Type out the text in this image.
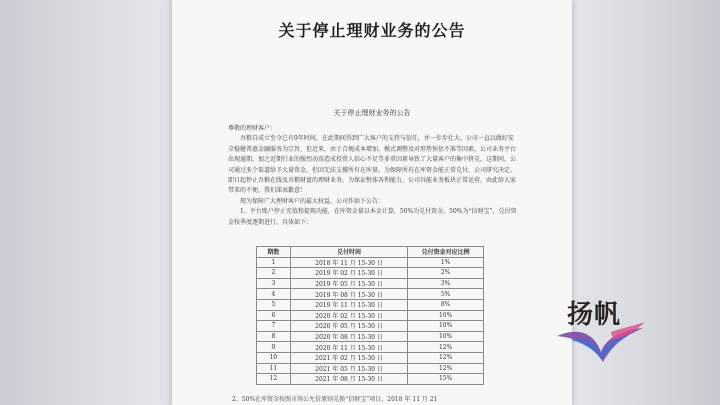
关于停止理财业务的公告
关于停止理财业务的公告

尊敬的理财客户：

吾粮自成立至今已有9年时间，在此期间得到广大客户的支持与信任，并一步步壮大。公司一直以做好安全稳健普惠金融服务为宗旨，但近来，由于合规成本增加，模式调整及对形势预估不准等因素，公司业务平台出现逾期，加之近期行业的强烈动荡造成投资人信心不足等多重因素导致了大量客户的集中挤兑，这期间，公司通过多个渠道给予大量资金，但因无法支撑所有在库量，为保障所有在库资金能正常兑付，公司研究决定，即日起停止吾粮在线及吾粮财富的理财业务，为保证整体各利能力，公司具能业务板块正常运营，由此给大家带来的不便，我们深表歉意！

现为保障广大理财客户的最大权益，公司作如下公告：

1、平台账户停止充值和提现功能，在库资金量以本金计算，50%为兑付资金，50%为“信财宝”，兑付资金按季度逐期进行，具体如下：

期数	兑付时间	兑付资金对应比例
1	2018 年 11 月 15-30 日	1%
2	2019 年 02 月 15-30 日	2%
3	2019 年 05 月 15-30 日	3%
4	2019 年 08 月 15-30 日	5%
5	2019 年 11 月 15-30 日	8%
6	2020 年 02 月 15-30 日	10%
7	2020 年 05 月 15-30 日	10%
8	2020 年 08 月 15-30 日	10%
9	2020 年 11 月 15-30 日	12%
10	2021 年 02 月 15-30 日	12%
11	2021 年 05 月 15-30 日	12%
12	2021 年 08 月 15-30 日	15%
2、50%在库资金按照市场公允价原则兑换“信财宝”项目，2018 年 11 月 21
扬帆
